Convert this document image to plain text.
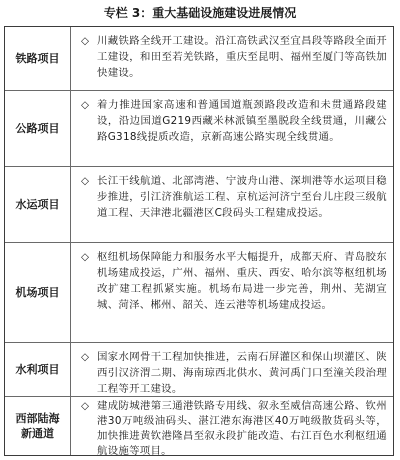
专栏 3：重大基础设施建设进展情况
铁路项目
◇ 川藏铁路全线开工建设。沿江高铁武汉至宜昌段等路段全面开工建设，和田至若羌铁路，重庆至昆明、福州至厦门等高铁加快建设。
公路项目
◇ 着力推进国家高速和普通国道瓶颈路段改造和未贯通路段建设，沿边国道G219西藏米林派镇至墨脱段全线贯通，川藏公路G318线提质改造，京新高速公路实现全线贯通。
水运项目
◇ 长江干线航道、北部湾港、宁波舟山港、深圳港等水运项目稳步推进，引江济淮航运工程、京杭运河济宁至台儿庄段三级航道工程、天津港北疆港区C段码头工程建成投运。
机场项目
◇ 枢纽机场保障能力和服务水平大幅提升，成都天府、青岛胶东机场建成投运，广州、福州、重庆、西安、哈尔滨等枢纽机场改扩建工程抓紧实施。机场布局进一步完善，荆州、芜湖宣城、菏泽、郴州、韶关、连云港等机场建成投运。
水利项目
◇ 国家水网骨干工程加快推进，云南石屏灌区和保山坝灌区、陕西引汉济渭二期、海南琼西北供水、黄河禹门口至潼关段治理工程等开工建设。
西部陆海新通道
◇ 建成防城港第三通港铁路专用线、叙永至威信高速公路、钦州港30万吨级油码头、湛江港东海港区40万吨级散货码头等，加快推进黄钦港隆昌至叙永段扩能改造、右江百色水利枢纽通航设施等项目。
